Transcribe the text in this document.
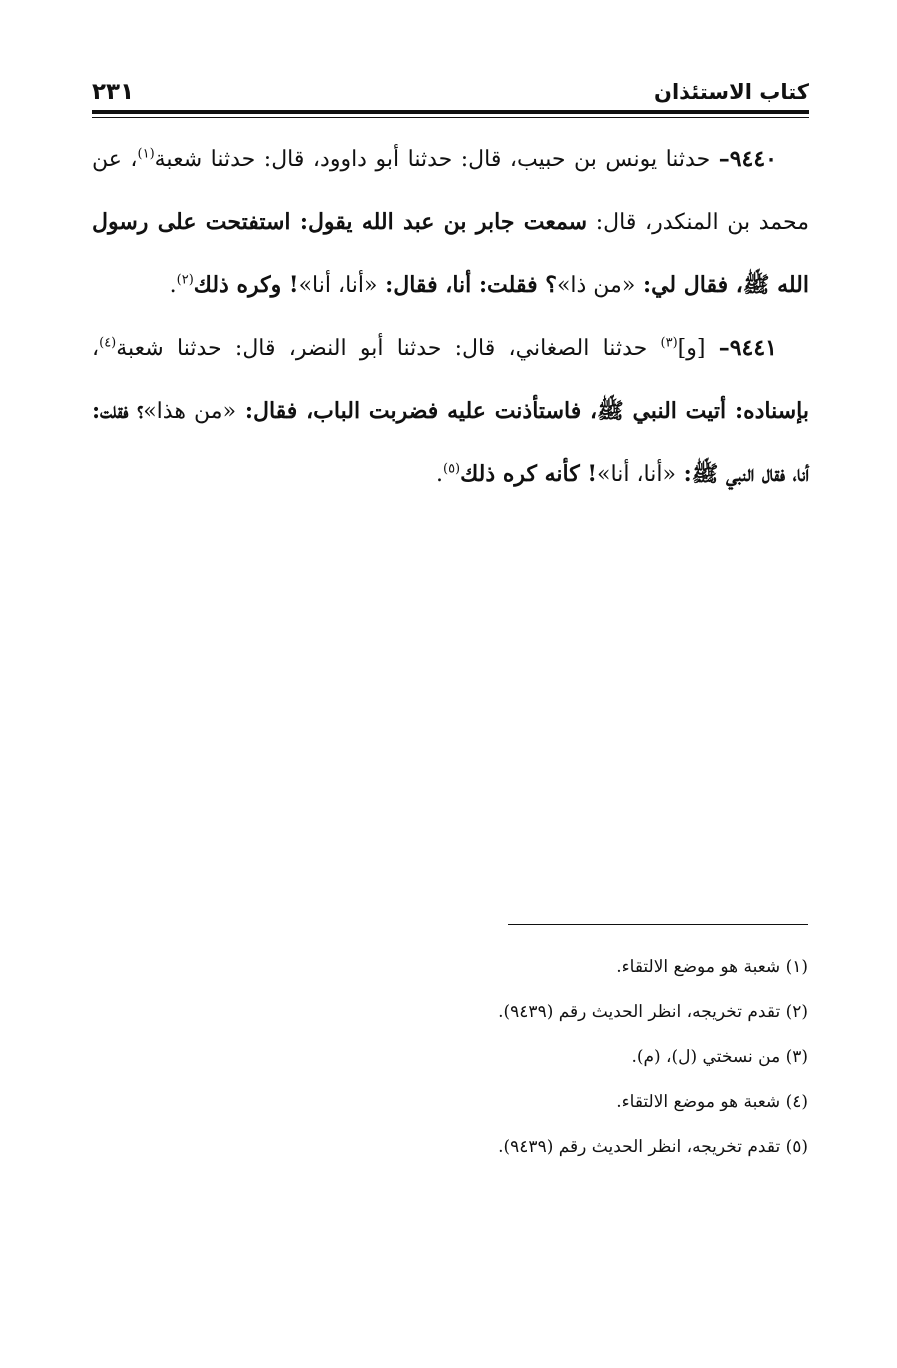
كتاب الاستئذان
٢٣١

٩٤٤٠– حدثنا يونس بن حبيب، قال: حدثنا أبو داوود، قال: حدثنا شعبة$^{(١)}$، عن محمد بن المنكدر، قال: سمعت جابر بن عبد الله يقول: استفتحت على رسول الله ﷺ، فقال لي: «من ذا»؟ فقلت: أنا، فقال: «أنا، أنا»! وكره ذلك$^{(٢)}$.

٩٤٤١– [و]$^{(٣)}$ حدثنا الصغاني، قال: حدثنا أبو النضر، قال: حدثنا شعبة$^{(٤)}$، بإسناده: أتيت النبي ﷺ، فاستأذنت عليه فضربت الباب، فقال: «من هذا»؟ فقلت: أنا، فقال النبي ﷺ: «أنا، أنا»! كأنه كره ذلك$^{(٥)}$.

(١) شعبة هو موضع الالتقاء.

(٢) تقدم تخريجه، انظر الحديث رقم (٩٤٣٩).

(٣) من نسختي (ل)، (م).

(٤) شعبة هو موضع الالتقاء.

(٥) تقدم تخريجه، انظر الحديث رقم (٩٤٣٩).
